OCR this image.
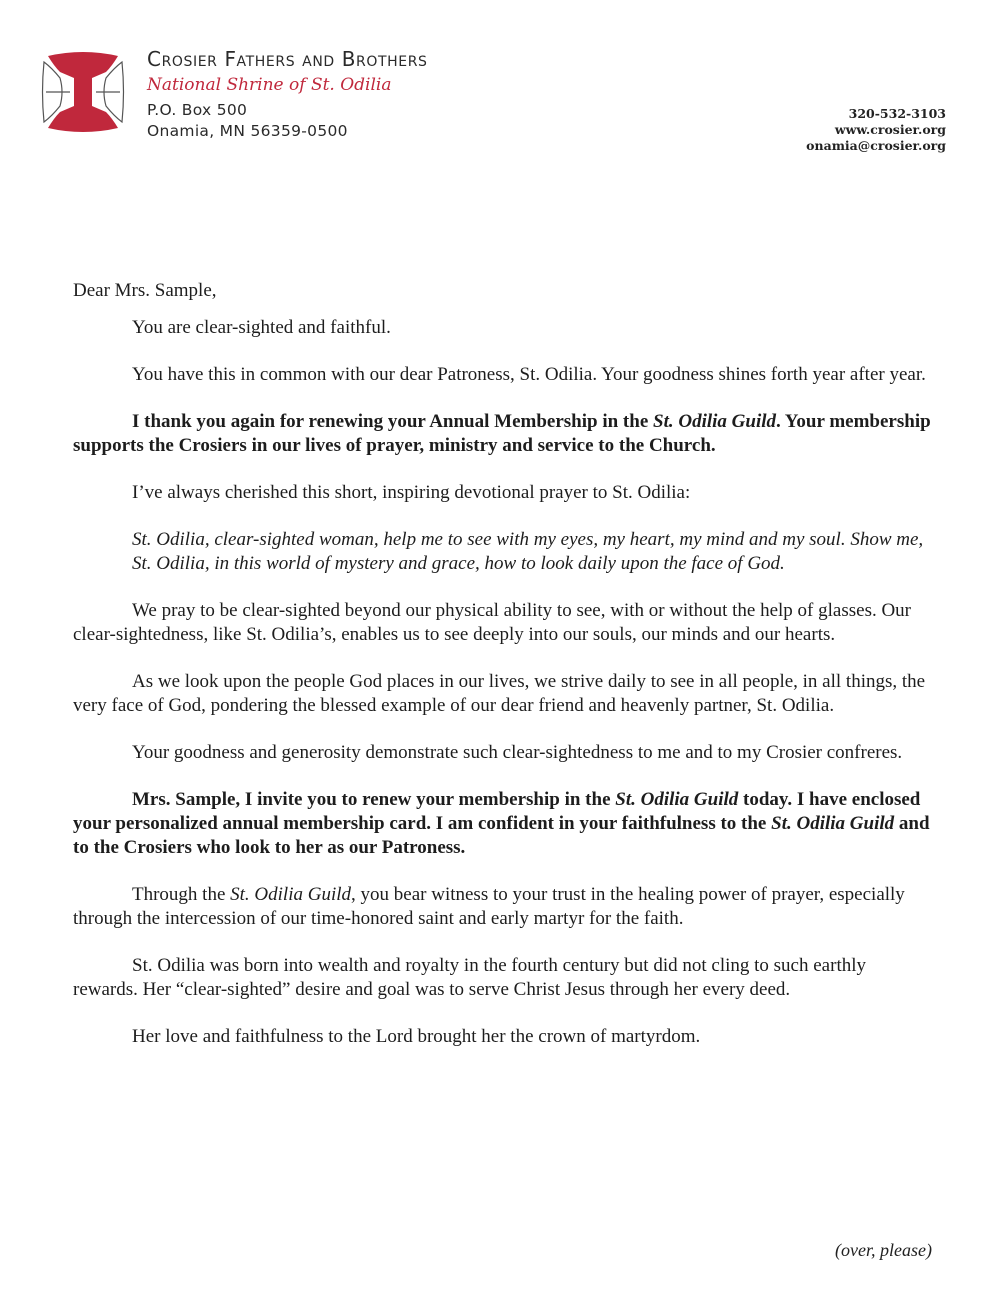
Crosier Fathers and Brothers

National Shrine of St. Odilia

P.O. Box 500

Onamia, MN 56359-0500

320-532-3103
www.crosier.org
onamia@crosier.org

Dear Mrs. Sample,

You are clear-sighted and faithful.

You have this in common with our dear Patroness, St. Odilia. Your goodness shines forth year after year.

I thank you again for renewing your Annual Membership in the St. Odilia Guild. Your membership supports the Crosiers in our lives of prayer, ministry and service to the Church.

I’ve always cherished this short, inspiring devotional prayer to St. Odilia:

St. Odilia, clear-sighted woman, help me to see with my eyes, my heart, my mind and my soul. Show me, St. Odilia, in this world of mystery and grace, how to look daily upon the face of God.

We pray to be clear-sighted beyond our physical ability to see, with or without the help of glasses. Our clear-sightedness, like St. Odilia’s, enables us to see deeply into our souls, our minds and our hearts.

As we look upon the people God places in our lives, we strive daily to see in all people, in all things, the very face of God, pondering the blessed example of our dear friend and heavenly partner, St. Odilia.

Your goodness and generosity demonstrate such clear-sightedness to me and to my Crosier confreres.

Mrs. Sample, I invite you to renew your membership in the St. Odilia Guild today. I have enclosed your personalized annual membership card. I am confident in your faithfulness to the St. Odilia Guild and to the Crosiers who look to her as our Patroness.

Through the St. Odilia Guild, you bear witness to your trust in the healing power of prayer, especially through the intercession of our time-honored saint and early martyr for the faith.

St. Odilia was born into wealth and royalty in the fourth century but did not cling to such earthly rewards. Her “clear-sighted” desire and goal was to serve Christ Jesus through her every deed.

Her love and faithfulness to the Lord brought her the crown of martyrdom.

(over, please)
